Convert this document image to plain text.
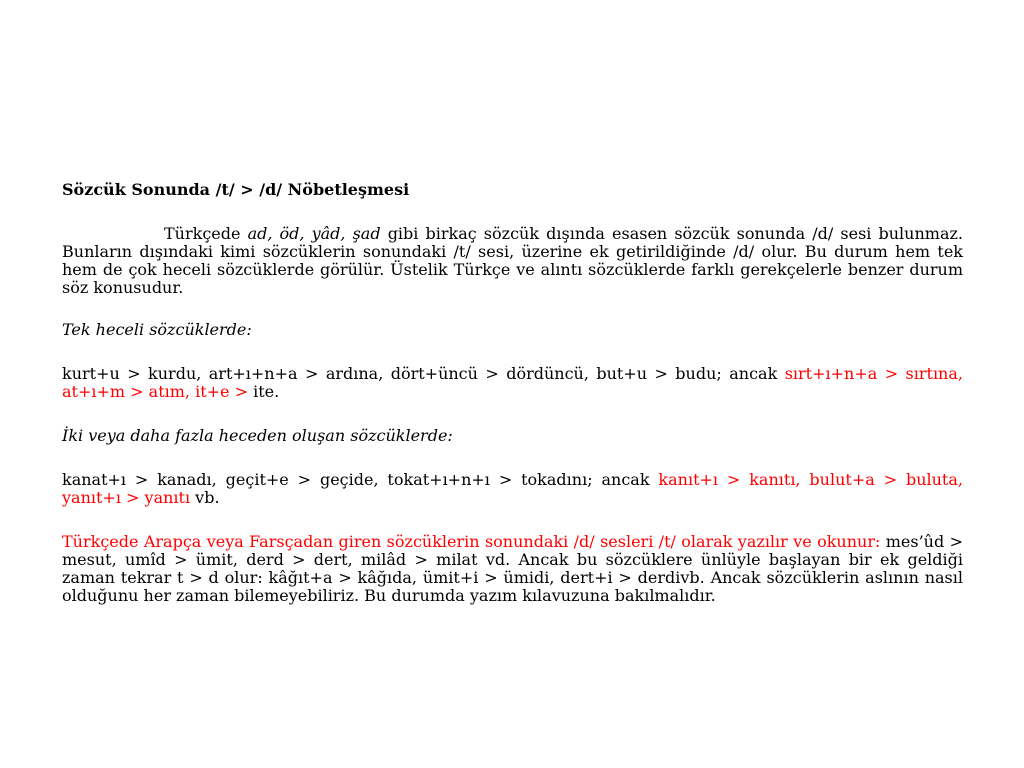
Sözcük Sonunda /t/ > /d/ Nöbetleşmesi

Türkçede ad, öd, yâd, şad gibi birkaç sözcük dışında esasen sözcük sonunda /d/ sesi bulunmaz. Bunların dışındaki kimi sözcüklerin sonundaki /t/ sesi, üzerine ek getirildiğinde /d/ olur. Bu durum hem tek hem de çok heceli sözcüklerde görülür. Üstelik Türkçe ve alıntı sözcüklerde farklı gerekçelerle benzer durum söz konusudur.

Tek heceli sözcüklerde:

kurt+u > kurdu, art+ı+n+a > ardına, dört+üncü > dördüncü, but+u > budu; ancak sırt+ı+n+a > sırtına, at+ı+m > atım, it+e > ite.

İki veya daha fazla heceden oluşan sözcüklerde:

kanat+ı > kanadı, geçit+e > geçide, tokat+ı+n+ı > tokadını; ancak kanıt+ı > kanıtı, bulut+a > buluta, yanıt+ı > yanıtı vb.

Türkçede Arapça veya Farsçadan giren sözcüklerin sonundaki /d/ sesleri /t/ olarak yazılır ve okunur: mes’ûd > mesut, umîd > ümit, derd > dert, milâd > milat vd. Ancak bu sözcüklere ünlüyle başlayan bir ek geldiği zaman tekrar t > d olur: kâğıt+a > kâğıda, ümit+i > ümidi, dert+i > derdivb. Ancak sözcüklerin aslının nasıl olduğunu her zaman bilemeyebiliriz. Bu durumda yazım kılavuzuna bakılmalıdır.
